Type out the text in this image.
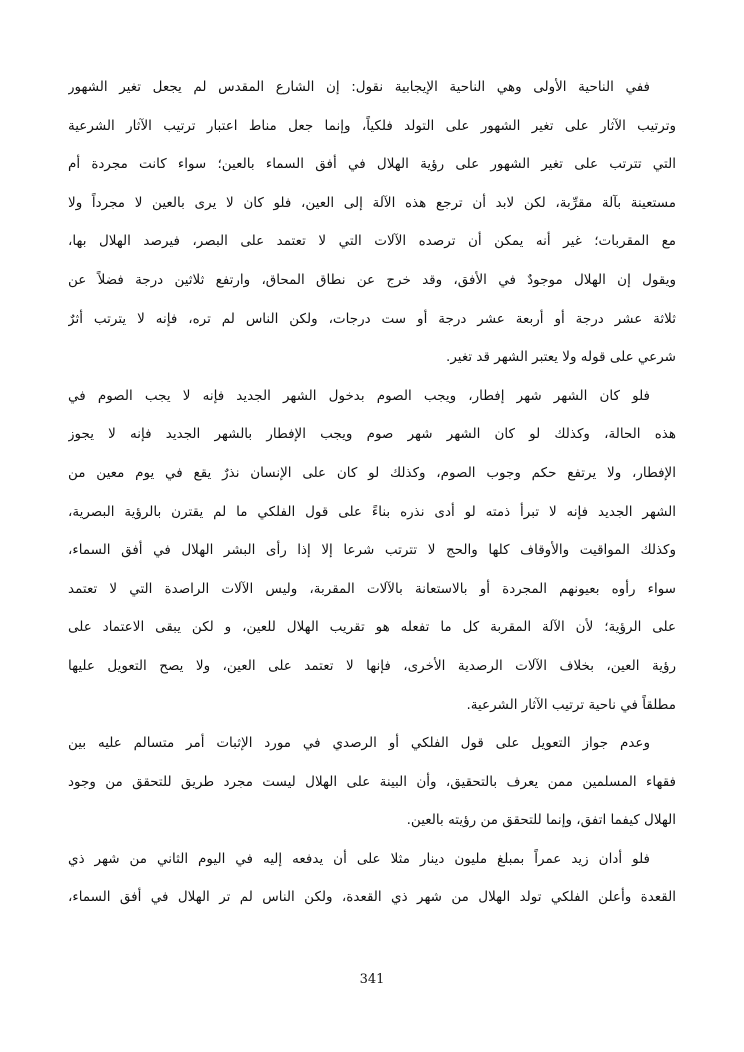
ففي الناحية الأولى وهي الناحية الإيجابية نقول: إن الشارع المقدس لم يجعل تغير الشهور
وترتيب الآثار على تغير الشهور على التولد فلكياً، وإنما جعل مناط اعتبار ترتيب الآثار الشرعية
التي تترتب على تغير الشهور على رؤية الهلال في أفق السماء بالعين؛ سواء كانت مجردة أم
مستعينة بآلة مقرِّبة، لكن لابد أن ترجع هذه الآلة إلى العين، فلو كان لا يرى بالعين لا مجرداً ولا
مع المقربات؛ غير أنه يمكن أن ترصده الآلات التي لا تعتمد على البصر، فيرصد الهلال بها،
ويقول إن الهلال موجودٌ في الأفق، وقد خرج عن نطاق المحاق، وارتفع ثلاثين درجة فضلاً عن
ثلاثة عشر درجة أو أربعة عشر درجة أو ست درجات، ولكن الناس لم تره، فإنه لا يترتب أثرٌ
شرعي على قوله ولا يعتبر الشهر قد تغير.
فلو كان الشهر شهر إفطار، ويجب الصوم بدخول الشهر الجديد فإنه لا يجب الصوم في
هذه الحالة، وكذلك لو كان الشهر شهر صوم ويجب الإفطار بالشهر الجديد فإنه لا يجوز
الإفطار، ولا يرتفع حكم وجوب الصوم، وكذلك لو كان على الإنسان نذرٌ يقع في يوم معين من
الشهر الجديد فإنه لا تبرأ ذمته لو أدى نذره بناءً على قول الفلكي ما لم يقترن بالرؤية البصرية،
وكذلك المواقيت والأوقاف كلها والحج لا تترتب شرعا إلا إذا رأى البشر الهلال في أفق السماء،
سواء رأوه بعيونهم المجردة أو بالاستعانة بالآلات المقربة، وليس الآلات الراصدة التي لا تعتمد
على الرؤية؛ لأن الآلة المقربة كل ما تفعله هو تقريب الهلال للعين، و لكن يبقى الاعتماد على
رؤية العين، بخلاف الآلات الرصدية الأخرى، فإنها لا تعتمد على العين، ولا يصح التعويل عليها
مطلقاً في ناحية ترتيب الآثار الشرعية.
وعدم جواز التعويل على قول الفلكي أو الرصدي في مورد الإثبات أمر متسالم عليه بين
فقهاء المسلمين ممن يعرف بالتحقيق، وأن البينة على الهلال ليست مجرد طريق للتحقق من وجود
الهلال كيفما اتفق، وإنما للتحقق من رؤيته بالعين.
فلو أدان زيد عمراً بمبلغ مليون دينار مثلا على أن يدفعه إليه في اليوم الثاني من شهر ذي
القعدة وأعلن الفلكي تولد الهلال من شهر ذي القعدة، ولكن الناس لم تر الهلال في أفق السماء،
341
